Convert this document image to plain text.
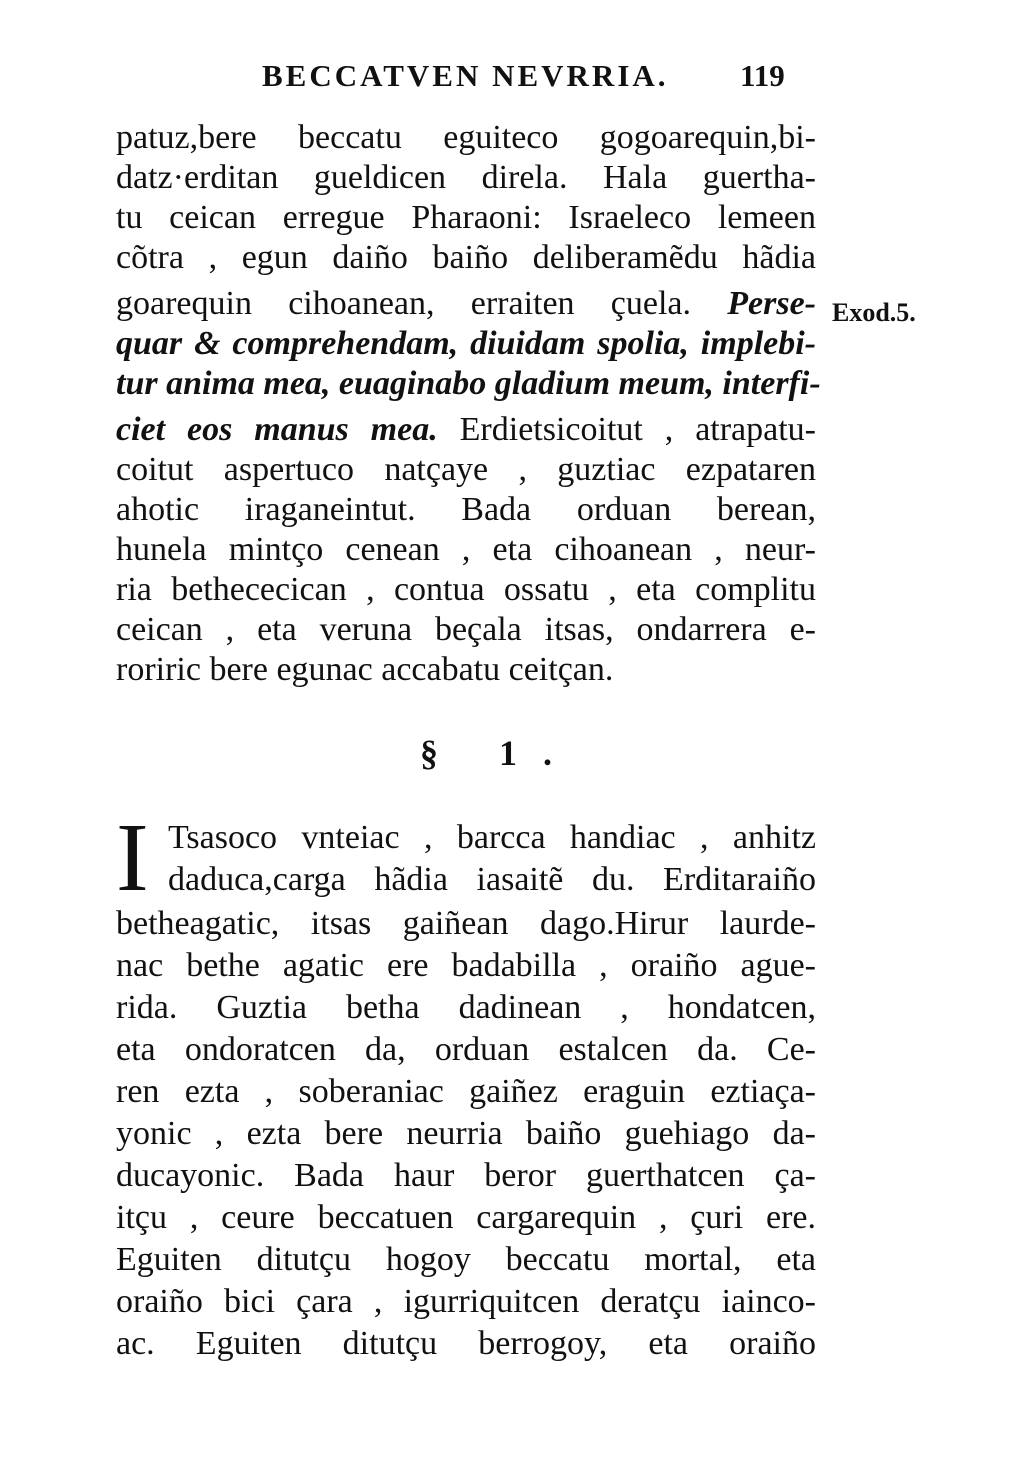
BECCATVEN NEVRRIA. 119
patuz,bere beccatu eguiteco gogoarequin,bi-
datz·erditan gueldicen direla. Hala guertha-
tu ceican erregue Pharaoni: Israeleco lemeen
cõtra , egun daiño baiño deliberamẽdu hãdia
goarequin cihoanean, erraiten çuela. Perse-
quar & comprehendam, diuidam spolia, implebi-
tur anima mea, euaginabo gladium meum, interfi-
ciet eos manus mea. Erdietsicoitut , atrapatu-
coitut aspertuco natçaye , guztiac ezpataren
ahotic iraganeintut. Bada orduan berean,
hunela mintço cenean , eta cihoanean , neur-
ria bethececican , contua ossatu , eta complitu
ceican , eta veruna beçala itsas, ondarrera e-
roriric bere egunac accabatu ceitçan.
Exod.5.
§ 1.
I Tsasoco vnteiac , barcca handiac , anhitz
daduca,carga hãdia iasaitẽ du. Erditaraiño
betheagatic, itsas gaiñean dago.Hirur laurde-
nac bethe agatic ere badabilla , oraiño ague-
rida. Guztia betha dadinean , hondatcen,
eta ondoratcen da, orduan estalcen da. Ce-
ren ezta , soberaniac gaiñez eraguin eztiaça-
yonic , ezta bere neurria baiño guehiago da-
ducayonic. Bada haur beror guerthatcen ça-
itçu , ceure beccatuen cargarequin , çuri ere.
Eguiten ditutçu hogoy beccatu mortal, eta
oraiño bici çara , igurriquitcen deratçu iainco-
ac. Eguiten ditutçu berrogoy, eta oraiño
